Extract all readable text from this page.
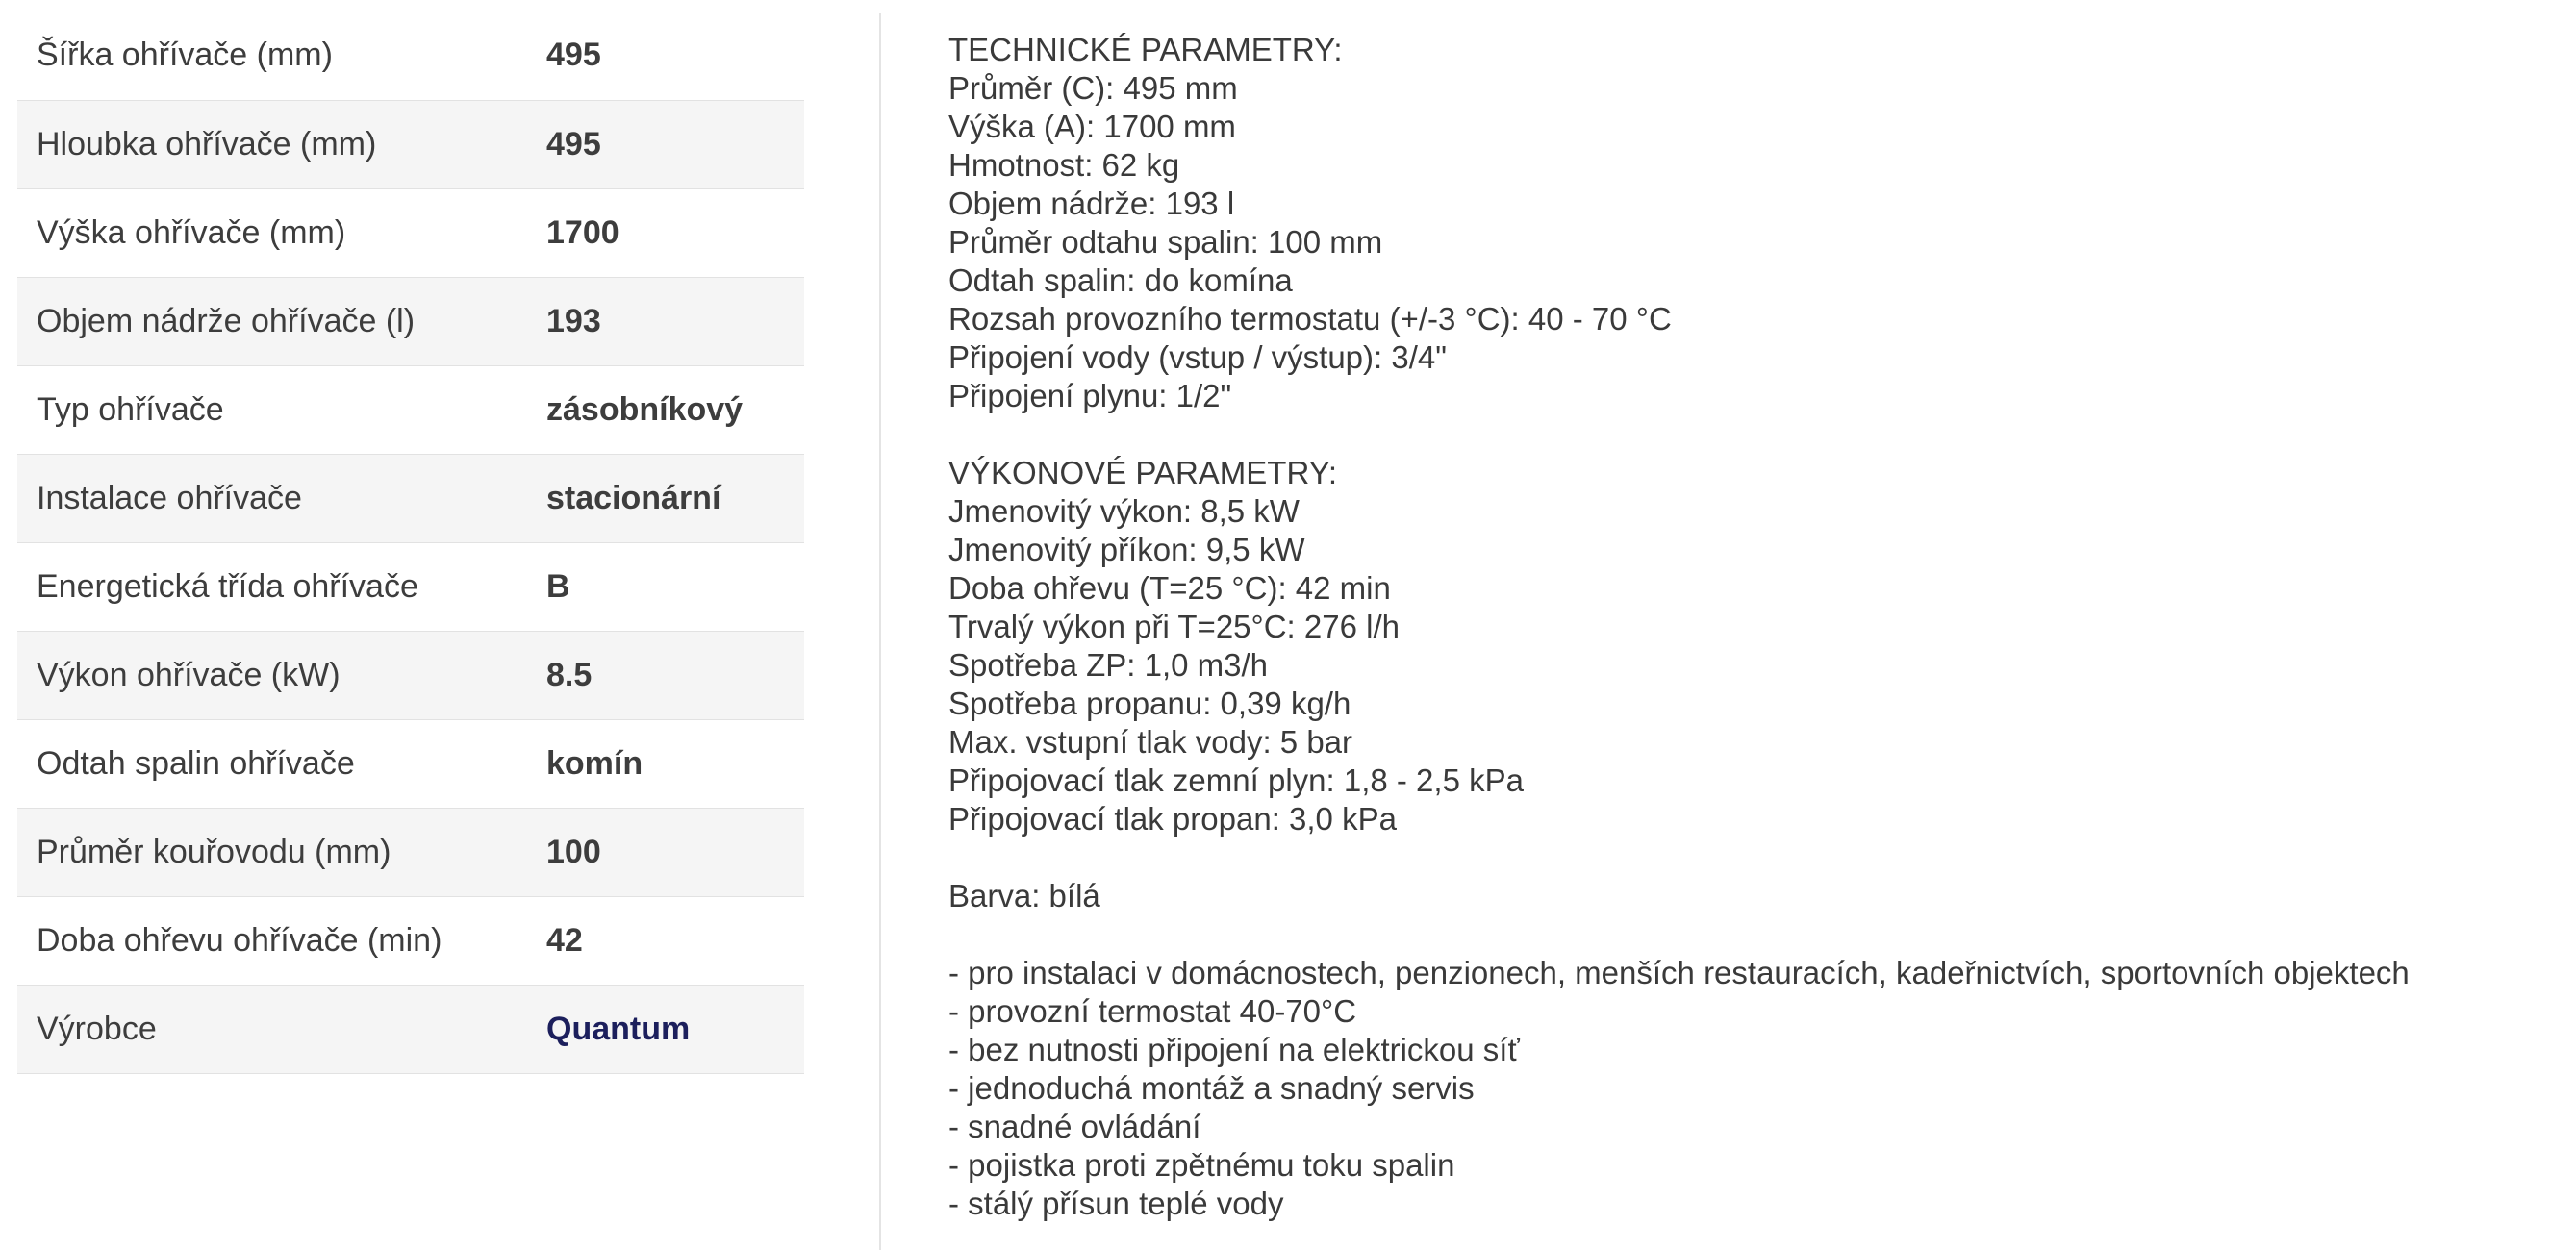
Šířka ohřívače (mm)	495
Hloubka ohřívače (mm)	495
Výška ohřívače (mm)	1700
Objem nádrže ohřívače (l)	193
Typ ohřívače	zásobníkový
Instalace ohřívače	stacionární
Energetická třída ohřívače	B
Výkon ohřívače (kW)	8.5
Odtah spalin ohřívače	komín
Průměr kouřovodu (mm)	100
Doba ohřevu ohřívače (min)	42
Výrobce	Quantum
TECHNICKÉ PARAMETRY:
Průměr (C): 495 mm
Výška (A): 1700 mm
Hmotnost: 62 kg
Objem nádrže: 193 l
Průměr odtahu spalin: 100 mm
Odtah spalin: do komína
Rozsah provozního termostatu (+/-3 °C): 40 - 70 °C
Připojení vody (vstup / výstup): 3/4"
Připojení plynu: 1/2"
VÝKONOVÉ PARAMETRY:
Jmenovitý výkon: 8,5 kW
Jmenovitý příkon: 9,5 kW
Doba ohřevu (T=25 °C): 42 min
Trvalý výkon při T=25°C: 276 l/h
Spotřeba ZP: 1,0 m3/h
Spotřeba propanu: 0,39 kg/h
Max. vstupní tlak vody: 5 bar
Připojovací tlak zemní plyn: 1,8 - 2,5 kPa
Připojovací tlak propan: 3,0 kPa
Barva: bílá
- pro instalaci v domácnostech, penzionech, menších restauracích, kadeřnictvích, sportovních objektech
- provozní termostat 40-70°C
- bez nutnosti připojení na elektrickou síť
- jednoduchá montáž a snadný servis
- snadné ovládání
- pojistka proti zpětnému toku spalin
- stálý přísun teplé vody
